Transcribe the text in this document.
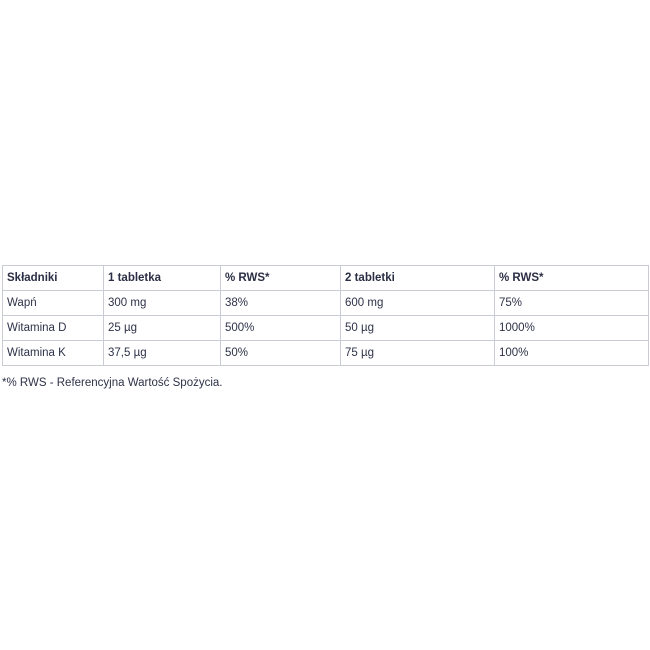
Składniki	1 tabletka	% RWS*	2 tabletki	% RWS*
Wapń	300 mg	38%	600 mg	75%
Witamina D	25 µg	500%	50 µg	1000%
Witamina K	37,5 µg	50%	75 µg	100%

*% RWS - Referencyjna Wartość Spożycia.
